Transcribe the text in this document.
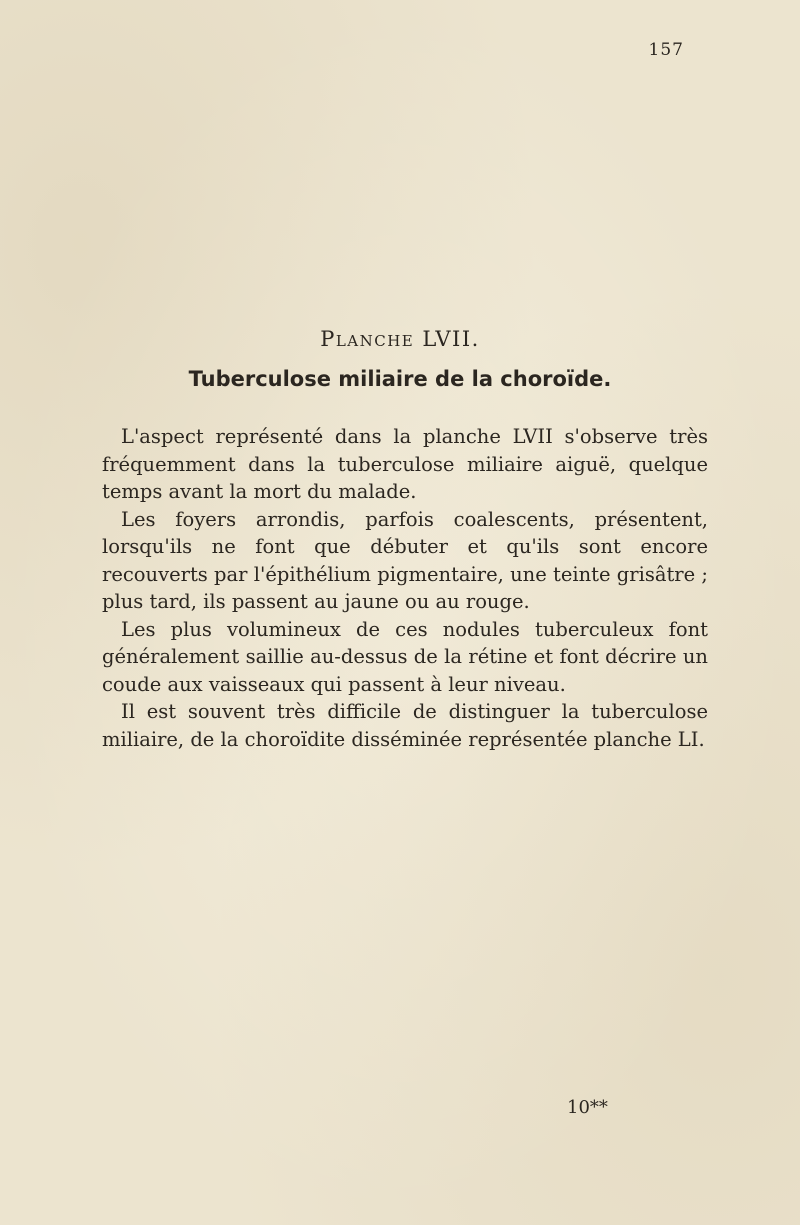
157
Planche LVII.
Tuberculose miliaire de la choroïde.

L'aspect représenté dans la planche LVII s'observe très fréquemment dans la tuberculose miliaire aiguë, quelque temps avant la mort du malade.

Les foyers arrondis, parfois coalescents, présentent, lorsqu'ils ne font que débuter et qu'ils sont encore recouverts par l'épithélium pigmentaire, une teinte grisâtre ; plus tard, ils passent au jaune ou au rouge.

Les plus volumineux de ces nodules tuberculeux font généralement saillie au-dessus de la rétine et font décrire un coude aux vaisseaux qui passent à leur niveau.

Il est souvent très difficile de distinguer la tuberculose miliaire, de la choroïdite disséminée représentée planche LI.

10**
